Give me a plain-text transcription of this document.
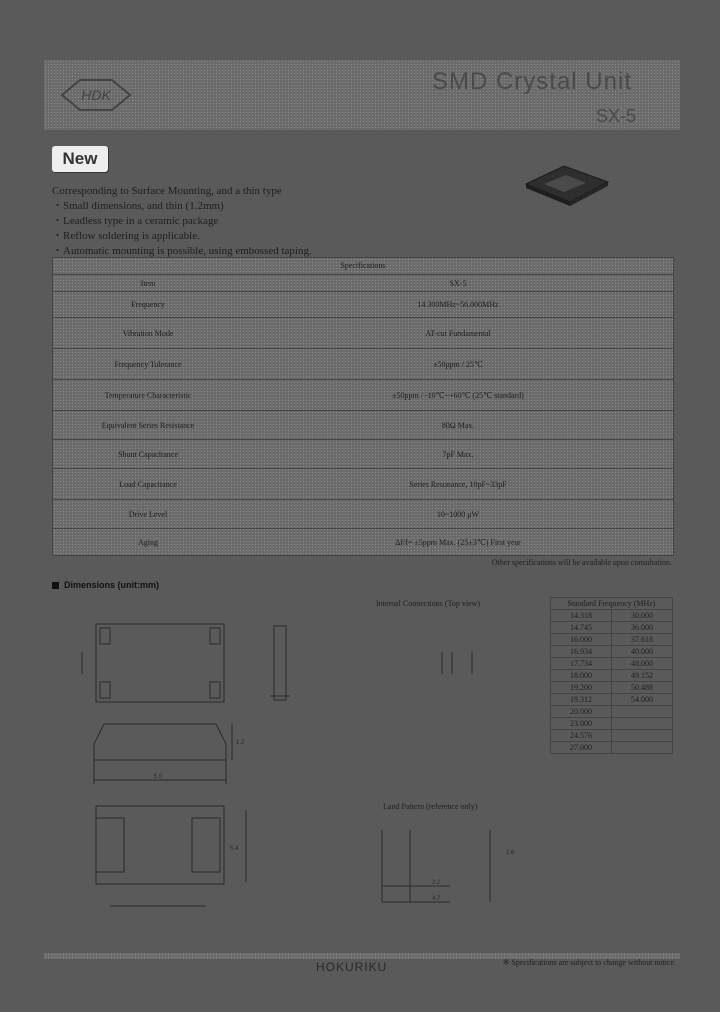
SMD Crystal Unit
SX-5
HDK
New
Corresponding to Surface Mounting, and a thin type
・Small dimensions, and thin (1.2mm)
・Leadless type in a ceramic package
・Reflow soldering is applicable.
・Automatic mounting is possible, using embossed taping.
Specifications
Item	SX-5
Frequency	14.300MHz~56.000MHz
Vibration Mode	AT-cut Fundamental
Frequency Tolerance	±50ppm / 25℃
Temperature Characteristic	±50ppm / -10℃~+60℃ (25℃ standard)
Equivalent Series Resistance	80Ω Max.
Shunt Capacitance	7pF Max.
Load Capacitance	Series Resonance, 10pF~33pF
Drive Level	10~1000 μW
Aging	Δf/f= ±5ppm Max. (25±3℃) First year
Other specifications will be available upon consultation.
Dimensions (unit:mm)
Internal Connections (Top view)
Land Pattern (reference only)
1.2
5.0
5.4
2.6
2.2
4.7
Standard Frequency (MHz)	
14.318	30.000
14.745	36.000
16.000	37.618
16.934	40.000
17.734	48.000
18.000	49.152
19.200	50.488
19.312	54.000
20.000	
23.000	
24.576	
27.000	
HOKURIKU	※ Specifications are subject to change without notice.
